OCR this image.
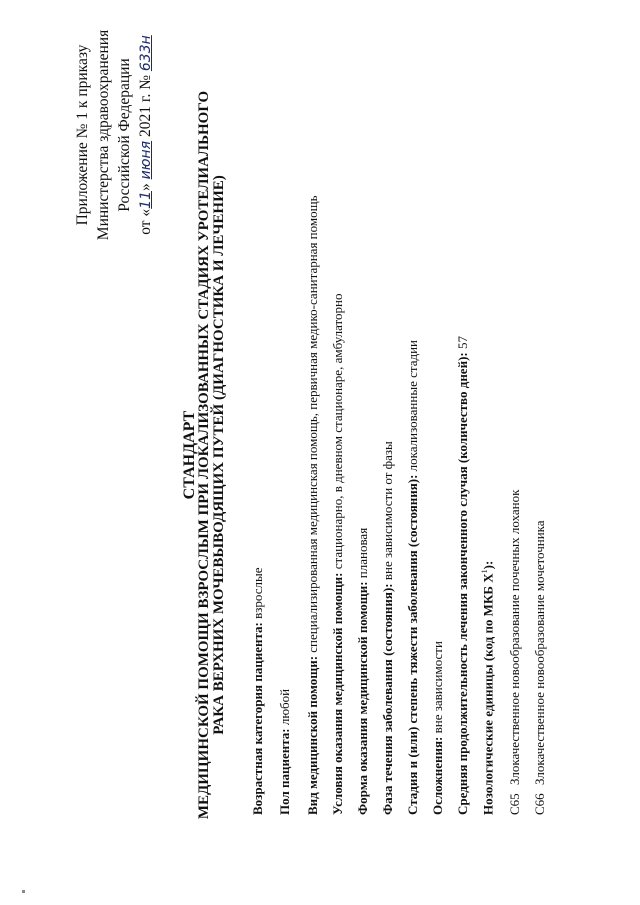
Приложение № 1 к приказу Министерства здравоохранения Российской Федерации
от «11» июня 2021 г. № 633н
СТАНДАРТ
МЕДИЦИНСКОЙ ПОМОЩИ ВЗРОСЛЫМ ПРИ ЛОКАЛИЗОВАННЫХ СТАДИЯХ УРОТЕЛИАЛЬНОГО РАКА ВЕРХНИХ МОЧЕВЫВОДЯЩИХ ПУТЕЙ (ДИАГНОСТИКА И ЛЕЧЕНИЕ) Возрастная категория пациента: взрослые
Пол пациента: любой Вид медицинской помощи: специализированная медицинская помощь, первичная медико-санитарная помощь
Условия оказания медицинской помощи: стационарно, в дневном стационаре, амбулаторно
Форма оказания медицинской помощи: плановая
Фаза течения заболевания (состояния): вне зависимости от фазы Стадия и (или) степень тяжести заболевания (состояния): локализованные стадии
Осложнения: вне зависимости Средняя продолжительность лечения законченного случая (количество дней): 57
Нозологические единицы (код по МКБ $X^1$):
C65Злокачественное новообразование почечных лоханок
C66Злокачественное новообразование мочеточника
